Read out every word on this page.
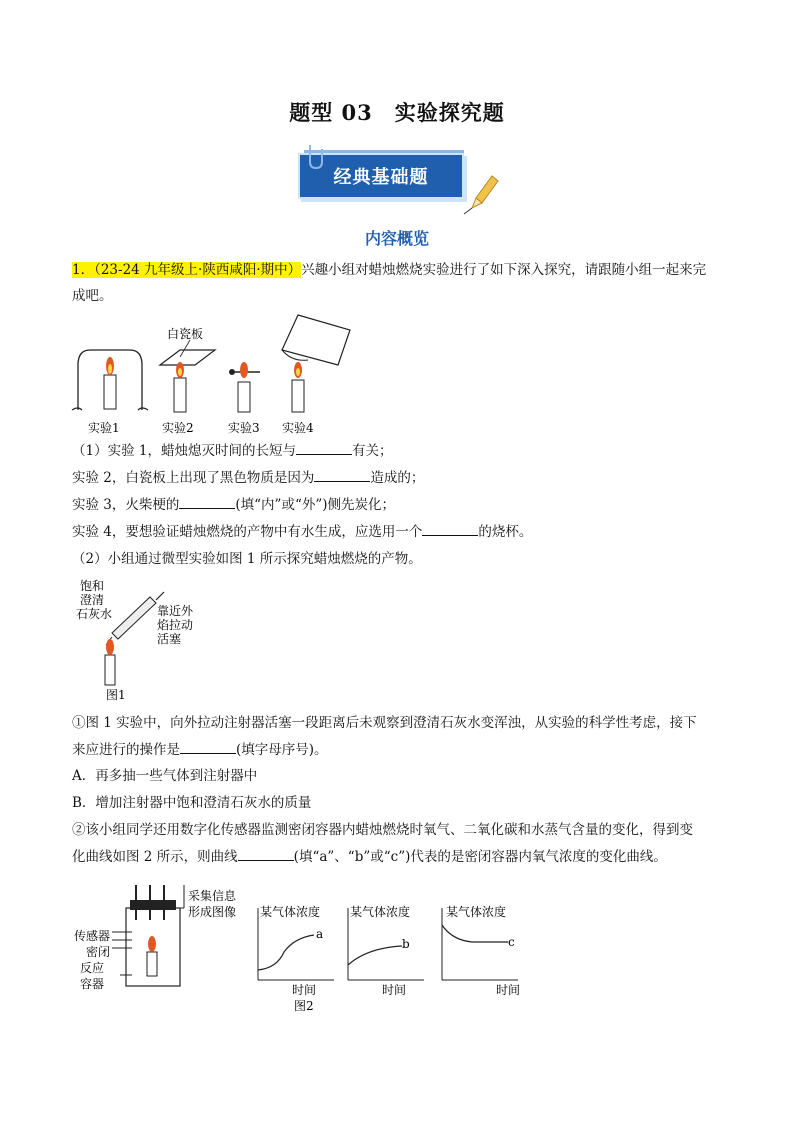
题型 03　实验探究题
经典基础题
内容概览
1．（23-24 九年级上·陕西咸阳·期中）兴趣小组对蜡烛燃烧实验进行了如下深入探究，请跟随小组一起来完
成吧。
白瓷板
实验1	实验2	实验3 实验4
（1）实验 1，蜡烛熄灭时间的长短与	有关；
实验 2，白瓷板上出现了黑色物质是因为	造成的；
实验 3，火柴梗的	(填“内”或“外”)侧先炭化；
实验 4，要想验证蜡烛燃烧的产物中有水生成，应选用一个	的烧杯。
（2）小组通过微型实验如图 1 所示探究蜡烛燃烧的产物。
饱和
澄清
石灰水	靠近外
焰拉动
活塞
图1
①图 1 实验中，向外拉动注射器活塞一段距离后未观察到澄清石灰水变浑浊，从实验的科学性考虑，接下
来应进行的操作是	(填字母序号)。
A．再多抽一些气体到注射器中
B．增加注射器中饱和澄清石灰水的质量
②该小组同学还用数字化传感器监测密闭容器内蜡烛燃烧时氧气、二氧化碳和水蒸气含量的变化，得到变
化曲线如图 2 所示，则曲线	(填“a”、“b”或“c”)代表的是密闭容器内氧气浓度的变化曲线。
采集信息
形成图像
传感器
密闭
反应
容器
某气体浓度
时间
a
某气体浓度
时间
b
某气体浓度
时间
c
图2
